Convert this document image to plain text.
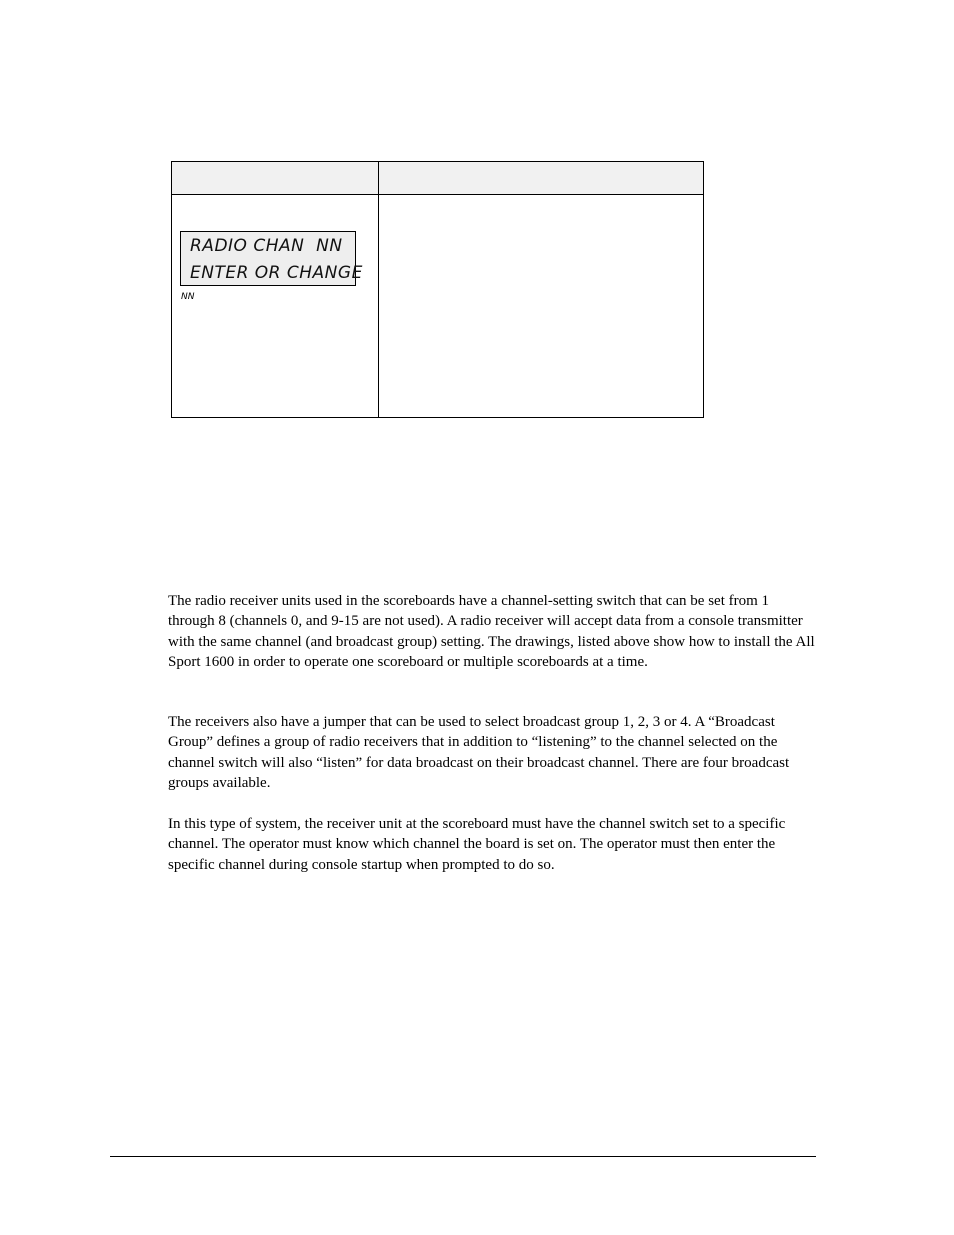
RADIO CHAN  NN
ENTER OR CHANGE
NN

The radio receiver units used in the scoreboards have a channel-setting switch that can be set from 1 through 8 (channels 0, and 9-15 are not used). A radio receiver will accept data from a console transmitter with the same channel (and broadcast group) setting. The drawings, listed above show how to install the All Sport 1600 in order to operate one scoreboard or multiple scoreboards at a time.

The receivers also have a jumper that can be used to select broadcast group 1, 2, 3 or 4. A “Broadcast Group” defines a group of radio receivers that in addition to “listening” to the channel selected on the channel switch will also “listen” for data broadcast on their broadcast channel. There are four broadcast groups available.

In this type of system, the receiver unit at the scoreboard must have the channel switch set to a specific channel. The operator must know which channel the board is set on. The operator must then enter the specific channel during console startup when prompted to do so.
